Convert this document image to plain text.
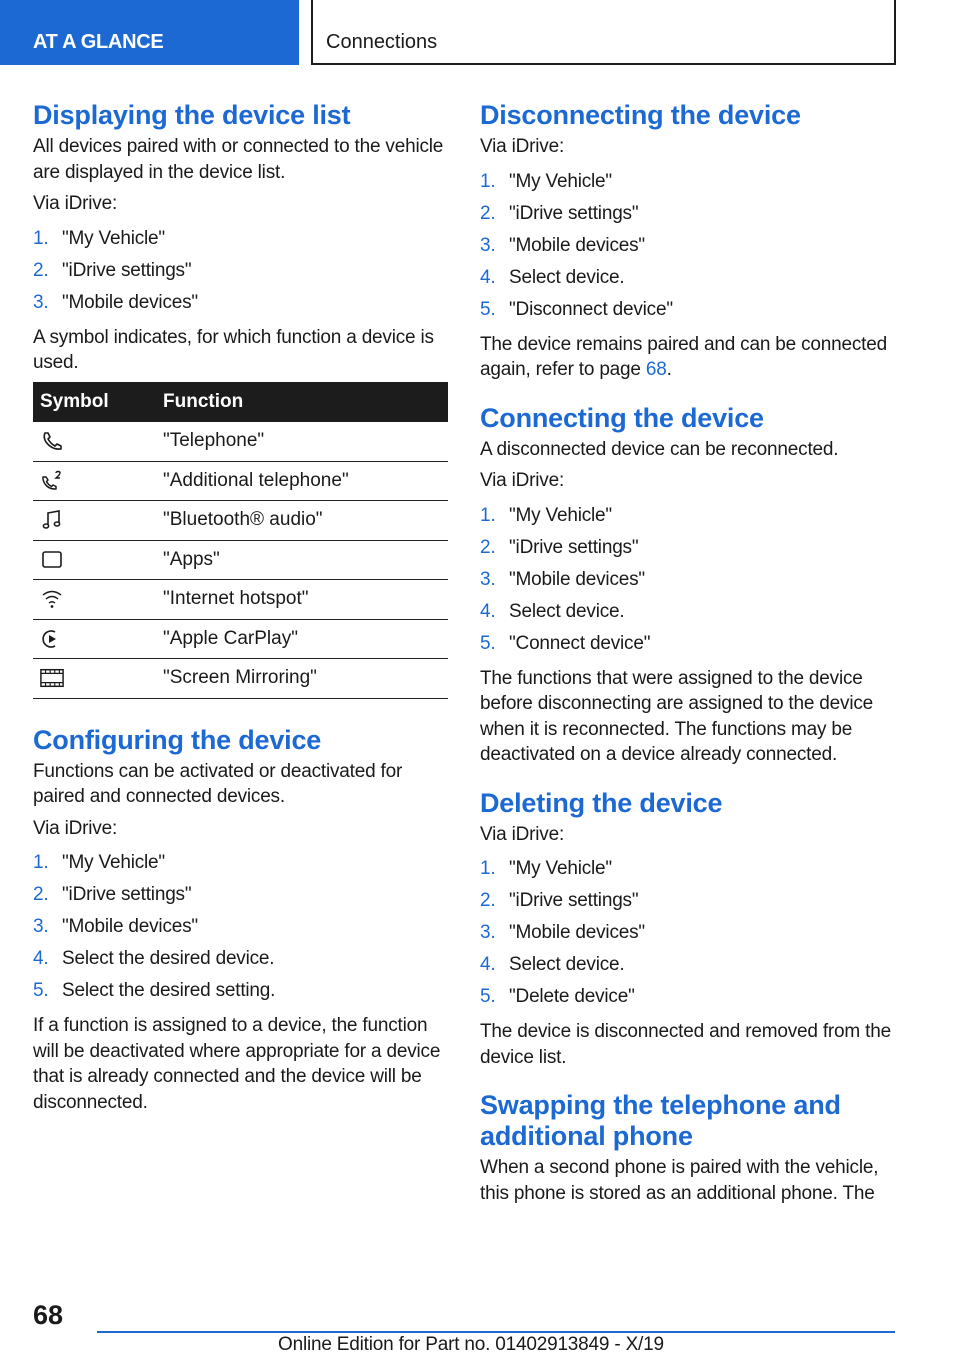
AT A GLANCE	Connections
Displaying the device list

All devices paired with or connected to the vehicle are displayed in the device list.

Via iDrive:

1. "My Vehicle"
2. "iDrive settings"
3. "Mobile devices"

A symbol indicates, for which function a device is used.

Symbol	Function
	"Telephone"
	"Additional telephone"
	"Bluetooth® audio"
	"Apps"
	"Internet hotspot"
	"Apple CarPlay"
	"Screen Mirroring"
Configuring the device

Functions can be activated or deactivated for paired and connected devices.

Via iDrive:

1. "My Vehicle"
2. "iDrive settings"
3. "Mobile devices"
4. Select the desired device.
5. Select the desired setting.

If a function is assigned to a device, the function will be deactivated where appropriate for a device that is already connected and the device will be disconnected.

Disconnecting the device

Via iDrive:

1. "My Vehicle"
2. "iDrive settings"
3. "Mobile devices"
4. Select device.
5. "Disconnect device"

The device remains paired and can be connected again, refer to page 68.

Connecting the device

A disconnected device can be reconnected.

Via iDrive:

1. "My Vehicle"
2. "iDrive settings"
3. "Mobile devices"
4. Select device.
5. "Connect device"

The functions that were assigned to the device before disconnecting are assigned to the device when it is reconnected. The functions may be deactivated on a device already connected.

Deleting the device

Via iDrive:

1. "My Vehicle"
2. "iDrive settings"
3. "Mobile devices"
4. Select device.
5. "Delete device"

The device is disconnected and removed from the device list.

Swapping the telephone and additional phone

When a second phone is paired with the vehicle, this phone is stored as an additional phone. The

68
Online Edition for Part no. 01402913849 - X/19
